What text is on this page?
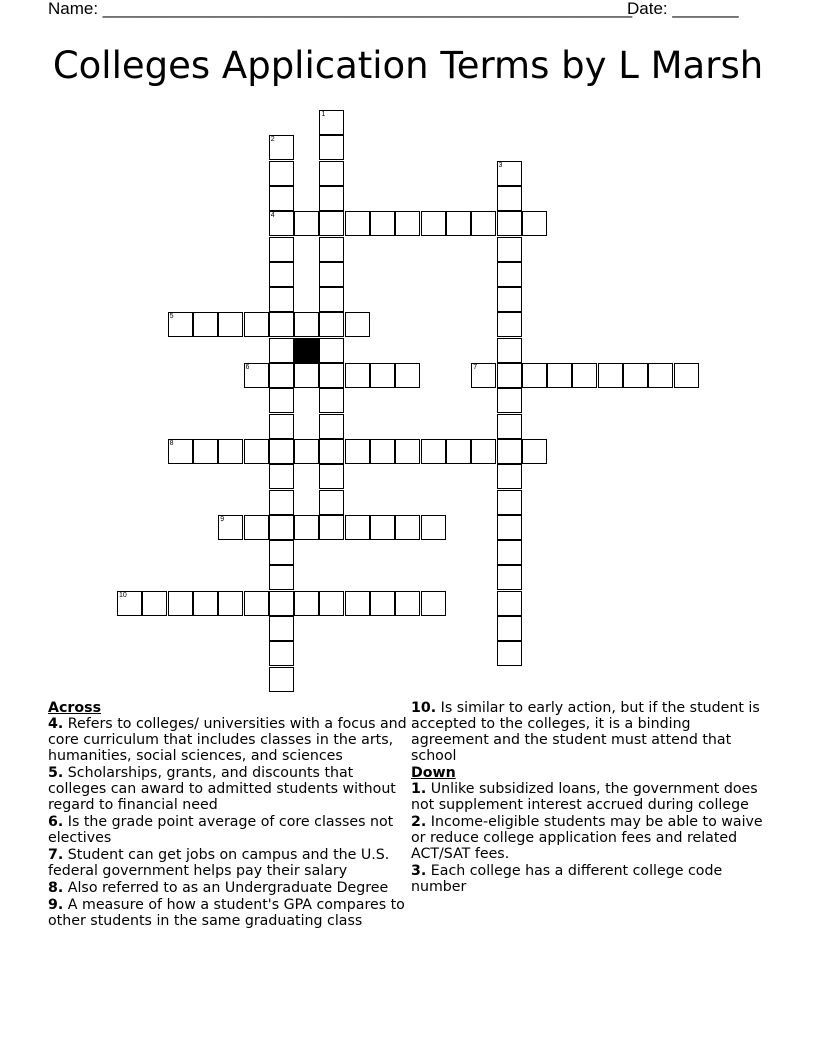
Name: ________________________________________________________
Date: _______
Colleges Application Terms by L Marsh
4
5
6	7
8
9
10
1
2
3
Across
4. Refers to colleges/ universities with a focus and core curriculum that includes classes in the arts, humanities, social sciences, and sciences
5. Scholarships, grants, and discounts that colleges can award to admitted students without regard to financial need
6. Is the grade point average of core classes not electives
7. Student can get jobs on campus and the U.S. federal government helps pay their salary
8. Also referred to as an Undergraduate Degree
9. A measure of how a student's GPA compares to other students in the same graduating class
10. Is similar to early action, but if the student is accepted to the colleges, it is a binding agreement and the student must attend that school
Down
1. Unlike subsidized loans, the government does not supplement interest accrued during college
2. Income-eligible students may be able to waive or reduce college application fees and related ACT/SAT fees.
3. Each college has a different college code number
